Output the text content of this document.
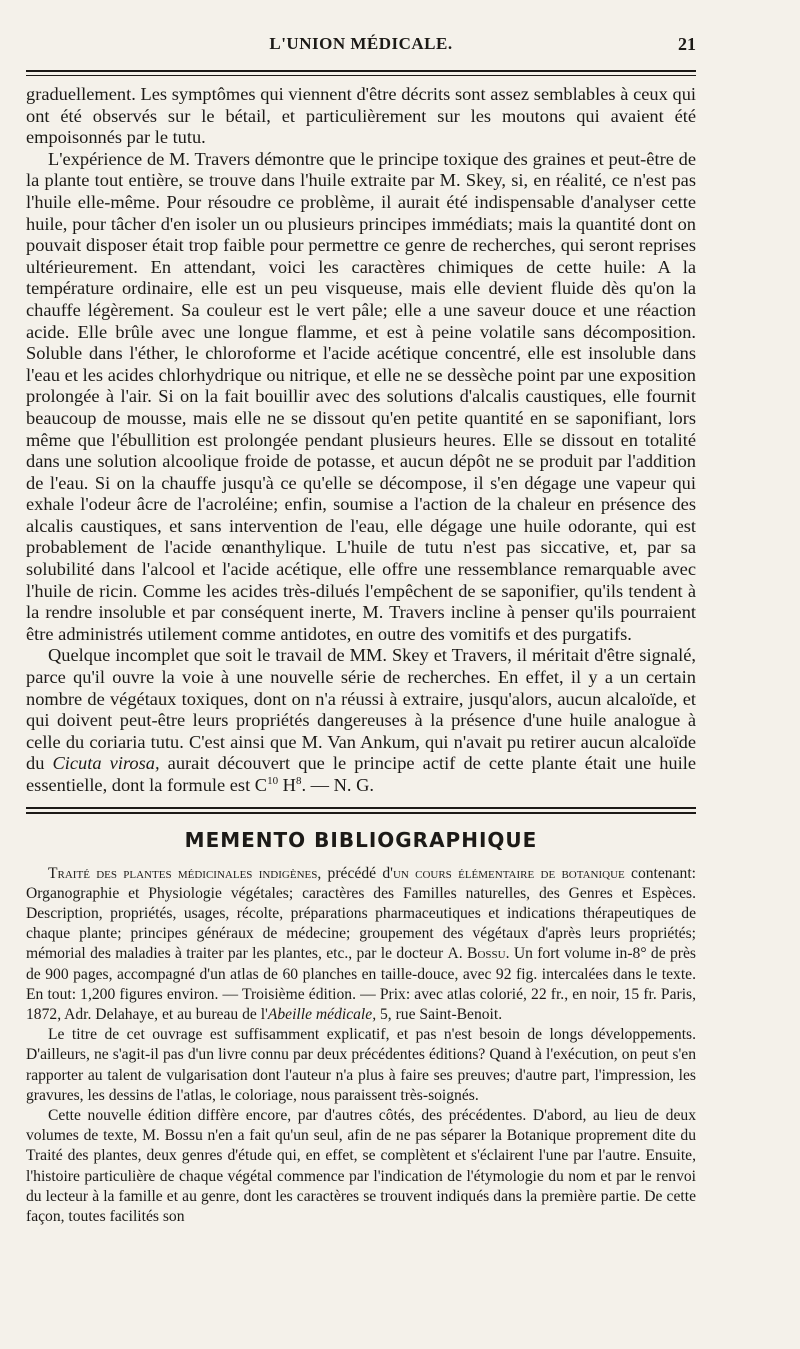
L'UNION MÉDICALE.	21

graduellement. Les symptômes qui viennent d'être décrits sont assez semblables à ceux qui ont été observés sur le bétail, et particulièrement sur les moutons qui avaient été empoisonnés par le tutu.

L'expérience de M. Travers démontre que le principe toxique des graines et peut-être de la plante tout entière, se trouve dans l'huile extraite par M. Skey, si, en réalité, ce n'est pas l'huile elle-même. Pour résoudre ce problème, il aurait été indispensable d'analyser cette huile, pour tâcher d'en isoler un ou plusieurs principes immédiats; mais la quantité dont on pouvait disposer était trop faible pour permettre ce genre de recherches, qui seront reprises ultérieurement. En attendant, voici les caractères chimiques de cette huile: A la température ordinaire, elle est un peu visqueuse, mais elle devient fluide dès qu'on la chauffe légèrement. Sa couleur est le vert pâle; elle a une saveur douce et une réaction acide. Elle brûle avec une longue flamme, et est à peine volatile sans décomposition. Soluble dans l'éther, le chloroforme et l'acide acétique concentré, elle est insoluble dans l'eau et les acides chlorhydrique ou nitrique, et elle ne se dessèche point par une exposition prolongée à l'air. Si on la fait bouillir avec des solutions d'alcalis caustiques, elle fournit beaucoup de mousse, mais elle ne se dissout qu'en petite quantité en se saponifiant, lors même que l'ébullition est prolongée pendant plusieurs heures. Elle se dissout en totalité dans une solution alcoolique froide de potasse, et aucun dépôt ne se produit par l'addition de l'eau. Si on la chauffe jusqu'à ce qu'elle se décompose, il s'en dégage une vapeur qui exhale l'odeur âcre de l'acroléine; enfin, soumise a l'action de la chaleur en présence des alcalis caustiques, et sans intervention de l'eau, elle dégage une huile odorante, qui est probablement de l'acide œnanthylique. L'huile de tutu n'est pas siccative, et, par sa solubilité dans l'alcool et l'acide acétique, elle offre une ressemblance remarquable avec l'huile de ricin. Comme les acides très-dilués l'empêchent de se saponifier, qu'ils tendent à la rendre insoluble et par conséquent inerte, M. Travers incline à penser qu'ils pourraient être administrés utilement comme antidotes, en outre des vomitifs et des purgatifs.

Quelque incomplet que soit le travail de MM. Skey et Travers, il méritait d'être signalé, parce qu'il ouvre la voie à une nouvelle série de recherches. En effet, il y a un certain nombre de végétaux toxiques, dont on n'a réussi à extraire, jusqu'alors, aucun alcaloïde, et qui doivent peut-être leurs propriétés dangereuses à la présence d'une huile analogue à celle du coriaria tutu. C'est ainsi que M. Van Ankum, qui n'avait pu retirer aucun alcaloïde du Cicuta virosa, aurait découvert que le principe actif de cette plante était une huile essentielle, dont la formule est $C^{10}$ $H^8$. — N. G.

MEMENTO BIBLIOGRAPHIQUE

Traité des plantes médicinales indigènes, précédé d'un cours élémentaire de botanique contenant: Organographie et Physiologie végétales; caractères des Familles naturelles, des Genres et Espèces. Description, propriétés, usages, récolte, préparations pharmaceutiques et indications thérapeutiques de chaque plante; principes généraux de médecine; groupement des végétaux d'après leurs propriétés; mémorial des maladies à traiter par les plantes, etc., par le docteur A. Bossu. Un fort volume in-8° de près de 900 pages, accompagné d'un atlas de 60 planches en taille-douce, avec 92 fig. intercalées dans le texte. En tout: 1,200 figures environ. — Troisième édition. — Prix: avec atlas colorié, 22 fr., en noir, 15 fr. Paris, 1872, Adr. Delahaye, et au bureau de l'Abeille médicale, 5, rue Saint-Benoit.

Le titre de cet ouvrage est suffisamment explicatif, et pas n'est besoin de longs développements. D'ailleurs, ne s'agit-il pas d'un livre connu par deux précédentes éditions? Quand à l'exécution, on peut s'en rapporter au talent de vulgarisation dont l'auteur n'a plus à faire ses preuves; d'autre part, l'impression, les gravures, les dessins de l'atlas, le coloriage, nous paraissent très-soignés.

Cette nouvelle édition diffère encore, par d'autres côtés, des précédentes. D'abord, au lieu de deux volumes de texte, M. Bossu n'en a fait qu'un seul, afin de ne pas séparer la Botanique proprement dite du Traité des plantes, deux genres d'étude qui, en effet, se complètent et s'éclairent l'une par l'autre. Ensuite, l'histoire particulière de chaque végétal commence par l'indication de l'étymologie du nom et par le renvoi du lecteur à la famille et au genre, dont les caractères se trouvent indiqués dans la première partie. De cette façon, toutes facilités son
